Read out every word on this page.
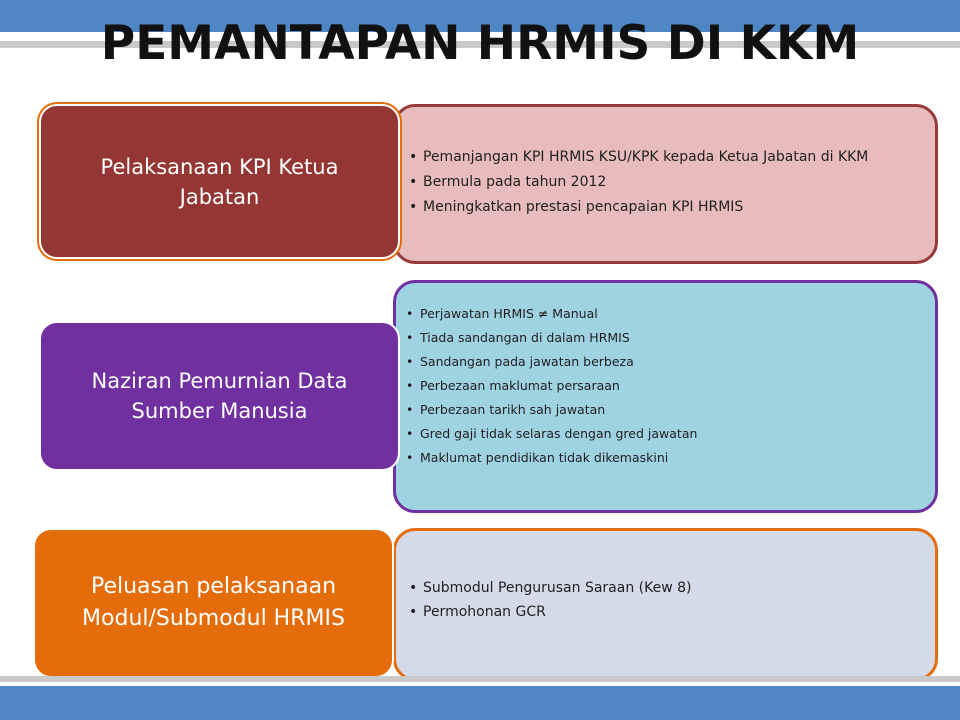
PEMANTAPAN HRMIS DI KKM
• Pemanjangan KPI HRMIS KSU/KPK kepada Ketua Jabatan di KKM
• Bermula pada tahun 2012
• Meningkatkan prestasi pencapaian KPI HRMIS
Pelaksanaan KPI Ketua Jabatan
• Perjawatan HRMIS ≠ Manual
• Tiada sandangan di dalam HRMIS
• Sandangan pada jawatan berbeza
• Perbezaan maklumat persaraan
• Perbezaan tarikh sah jawatan
• Gred gaji tidak selaras dengan gred jawatan
• Maklumat pendidikan tidak dikemaskini
Naziran Pemurnian Data Sumber Manusia
• Submodul Pengurusan Saraan (Kew 8)
• Permohonan GCR
Peluasan pelaksanaan Modul/Submodul HRMIS
